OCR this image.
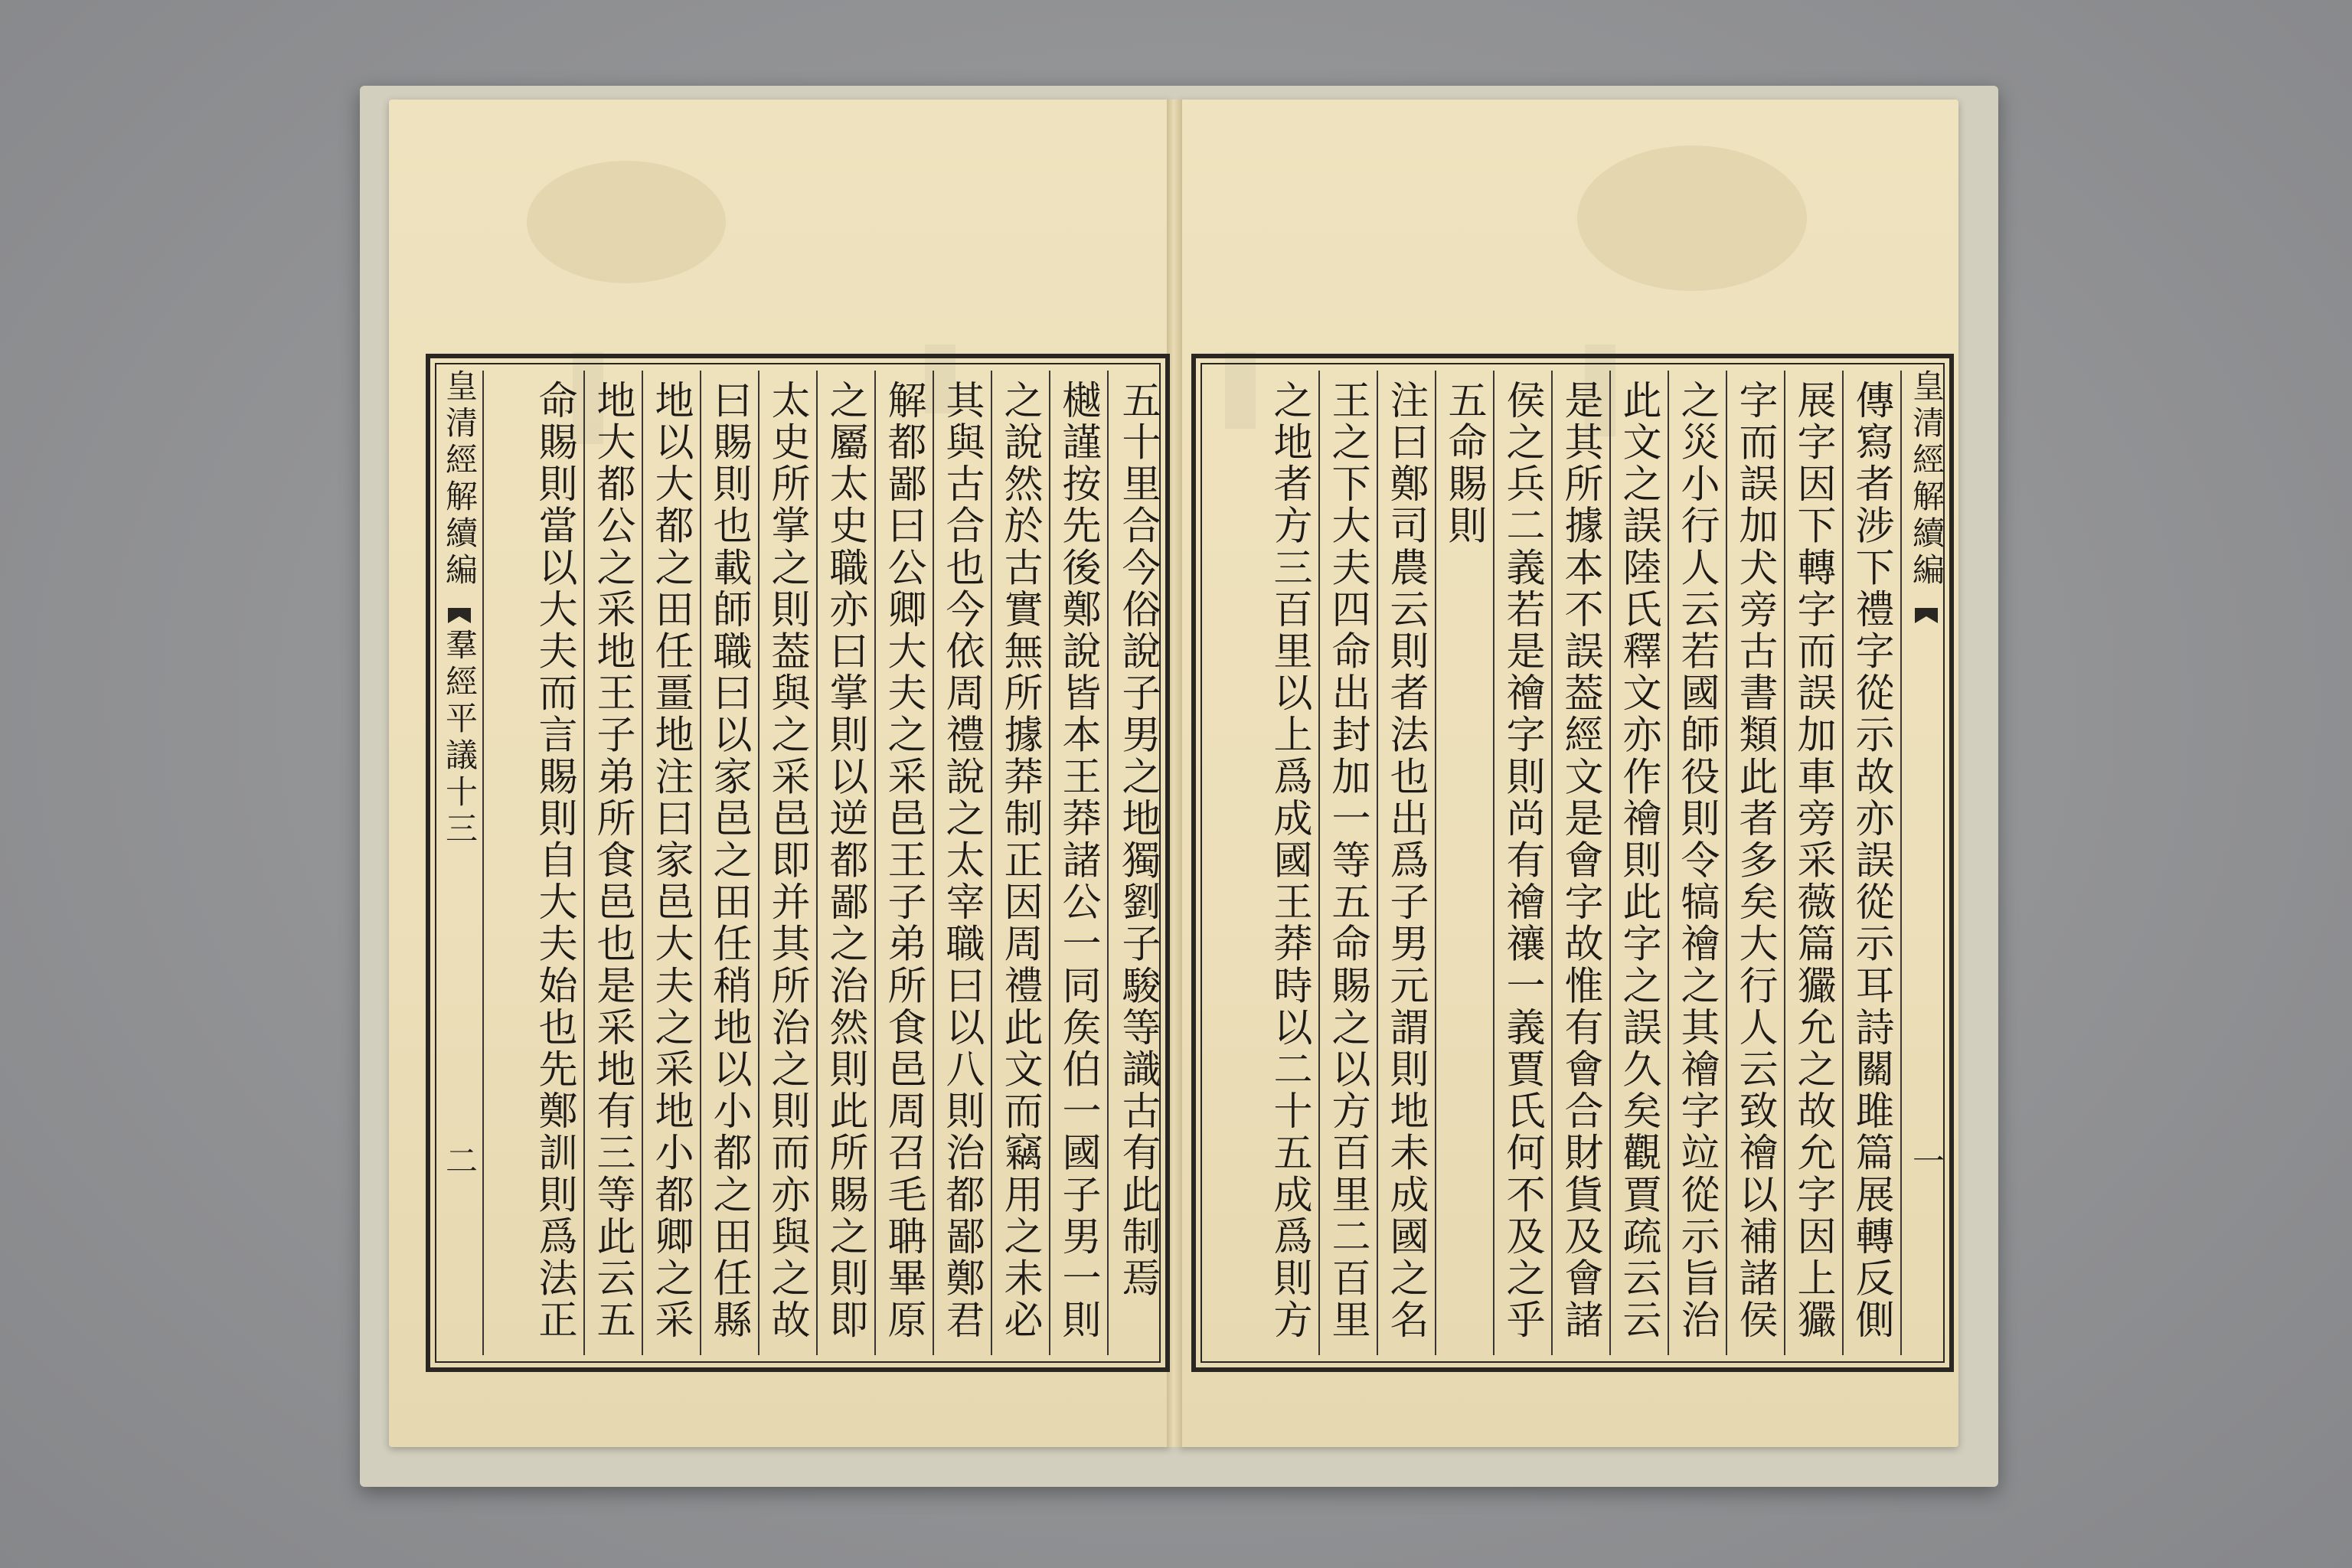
皇清經解續編
一
傳寫者涉下禮字從示故亦誤從示耳詩關雎篇展轉反側
展字因下轉字而誤加車旁采薇篇玁允之故允字因上玁
字而誤加犬旁古書類此者多矣大行人云致禬以補諸侯
之災小行人云若國師役則令犒禬之其禬字竝從示旨治
此文之誤陸氏釋文亦作禬則此字之誤久矣觀賈疏云云
是其所據本不誤葢經文是會字故惟有會合財貨及會諸
侯之兵二義若是禬字則尚有禬禳一義賈氏何不及之乎
五命賜則
注曰鄭司農云則者法也出爲子男元謂則地未成國之名
王之下大夫四命出封加一等五命賜之以方百里二百里
之地者方三百里以上爲成國王莽時以二十五成爲則方
五十里合今俗說子男之地獨劉子駿等識古有此制焉
樾謹按先後鄭說皆本王莽諸公一同矦伯一國子男一則
之說然於古實無所據莽制正因周禮此文而竊用之未必
其與古合也今依周禮說之太宰職曰以八則治都鄙鄭君
解都鄙曰公卿大夫之采邑王子弟所食邑周召毛聃畢原
之屬太史職亦曰掌則以逆都鄙之治然則此所賜之則即
太史所掌之則葢與之采邑即并其所治之則而亦與之故
曰賜則也載師職曰以家邑之田任稍地以小都之田任縣
地以大都之田任畺地注曰家邑大夫之采地小都卿之采
地大都公之采地王子弟所食邑也是采地有三等此云五
命賜則當以大夫而言賜則自大夫始也先鄭訓則爲法正
皇清經解續編
羣經平議十三
二
